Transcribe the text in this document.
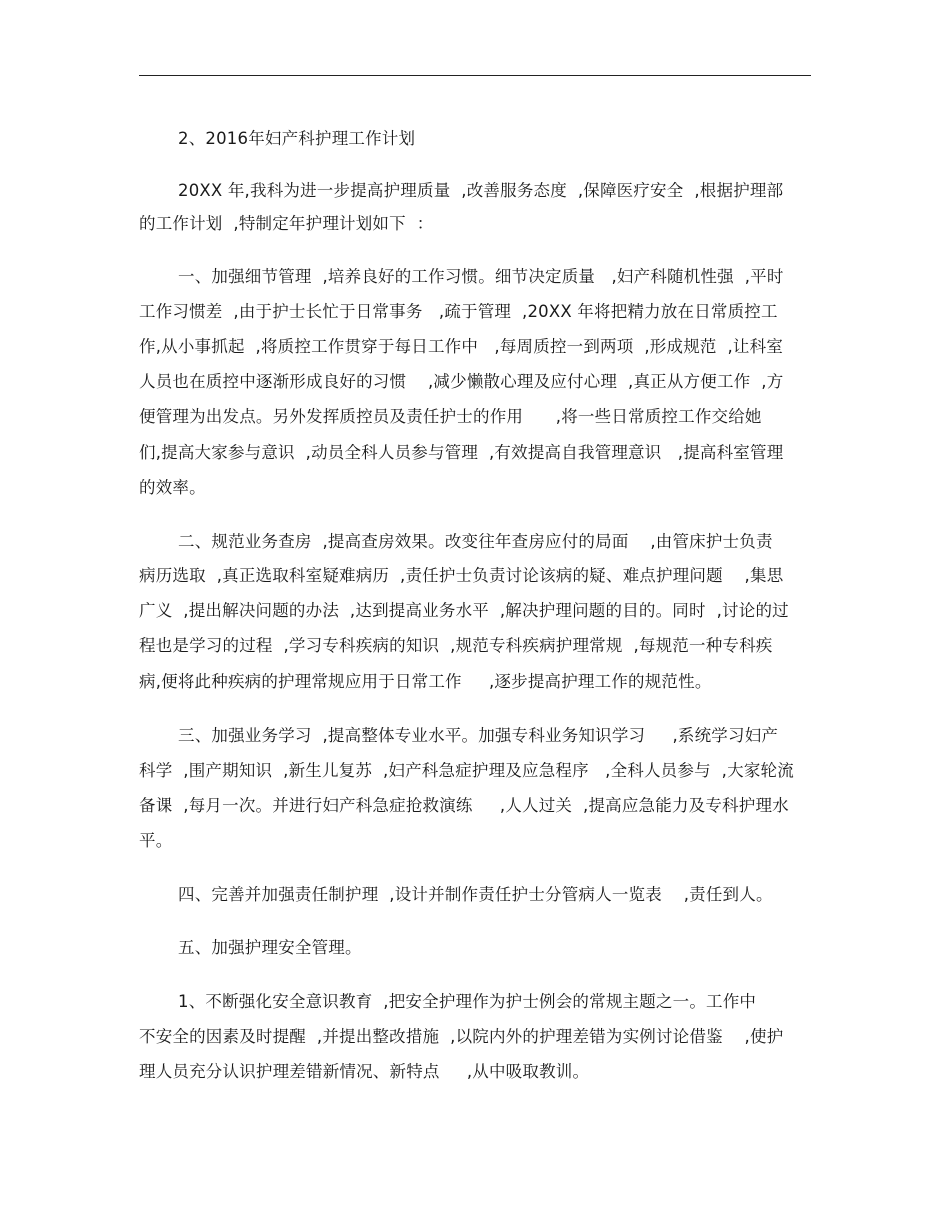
2、2016年妇产科护理工作计划
20XX 年,我科为进一步提高护理质量  ,改善服务态度  ,保障医疗安全  ,根据护理部
的工作计划  ,特制定年护理计划如下  ：
一、加强细节管理  ,培养良好的工作习惯。细节决定质量   ,妇产科随机性强  ,平时
工作习惯差  ,由于护士长忙于日常事务   ,疏于管理  ,20XX 年将把精力放在日常质控工
作,从小事抓起  ,将质控工作贯穿于每日工作中   ,每周质控一到两项  ,形成规范  ,让科室
人员也在质控中逐渐形成良好的习惯    ,减少懒散心理及应付心理  ,真正从方便工作  ,方
便管理为出发点。另外发挥质控员及责任护士的作用      ,将一些日常质控工作交给她
们,提高大家参与意识  ,动员全科人员参与管理  ,有效提高自我管理意识   ,提高科室管理
的效率。
二、规范业务查房  ,提高查房效果。改变往年查房应付的局面    ,由管床护士负责
病历选取  ,真正选取科室疑难病历  ,责任护士负责讨论该病的疑、难点护理问题    ,集思
广义  ,提出解决问题的办法  ,达到提高业务水平  ,解决护理问题的目的。同时  ,讨论的过
程也是学习的过程  ,学习专科疾病的知识  ,规范专科疾病护理常规  ,每规范一种专科疾
病,便将此种疾病的护理常规应用于日常工作     ,逐步提高护理工作的规范性。
三、加强业务学习  ,提高整体专业水平。加强专科业务知识学习     ,系统学习妇产
科学  ,围产期知识  ,新生儿复苏  ,妇产科急症护理及应急程序   ,全科人员参与  ,大家轮流
备课  ,每月一次。并进行妇产科急症抢救演练     ,人人过关  ,提高应急能力及专科护理水
平。
四、完善并加强责任制护理  ,设计并制作责任护士分管病人一览表    ,责任到人。
五、加强护理安全管理。
1、不断强化安全意识教育  ,把安全护理作为护士例会的常规主题之一。工作中
不安全的因素及时提醒  ,并提出整改措施  ,以院内外的护理差错为实例讨论借鉴    ,使护
理人员充分认识护理差错新情况、新特点     ,从中吸取教训。
